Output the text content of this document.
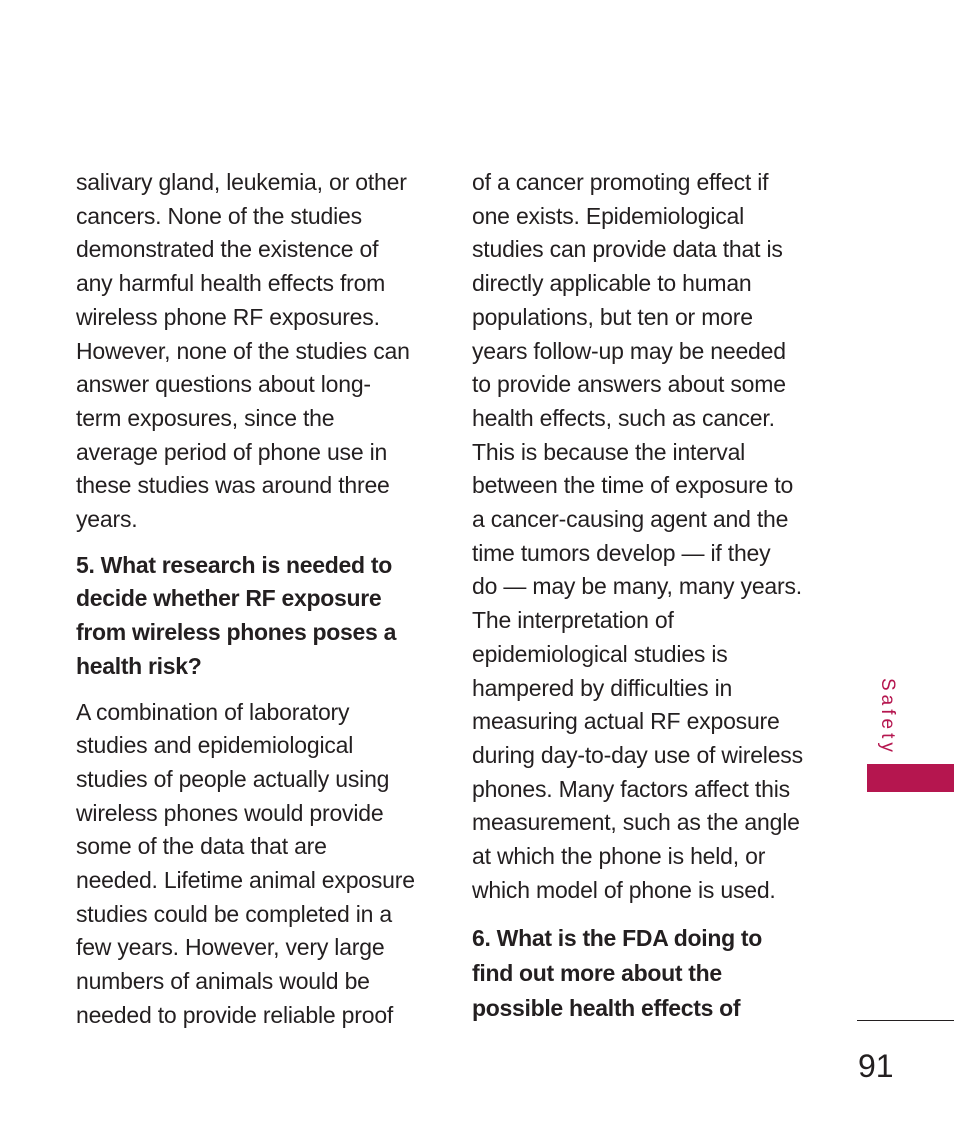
salivary gland, leukemia, or other
cancers. None of the studies
demonstrated the existence of
any harmful health effects from
wireless phone RF exposures.
However, none of the studies can
answer questions about long-
term exposures, since the
average period of phone use in
these studies was around three
years.

5. What research is needed to
decide whether RF exposure
from wireless phones poses a
health risk?

A combination of laboratory
studies and epidemiological
studies of people actually using
wireless phones would provide
some of the data that are
needed. Lifetime animal exposure
studies could be completed in a
few years. However, very large
numbers of animals would be
needed to provide reliable proof

of a cancer promoting effect if
one exists. Epidemiological
studies can provide data that is
directly applicable to human
populations, but ten or more
years follow-up may be needed
to provide answers about some
health effects, such as cancer.
This is because the interval
between the time of exposure to
a cancer-causing agent and the
time tumors develop — if they
do — may be many, many years.
The interpretation of
epidemiological studies is
hampered by difficulties in
measuring actual RF exposure
during day-to-day use of wireless
phones. Many factors affect this
measurement, such as the angle
at which the phone is held, or
which model of phone is used.

6. What is the FDA doing to
find out more about the
possible health effects of
Safety
91
